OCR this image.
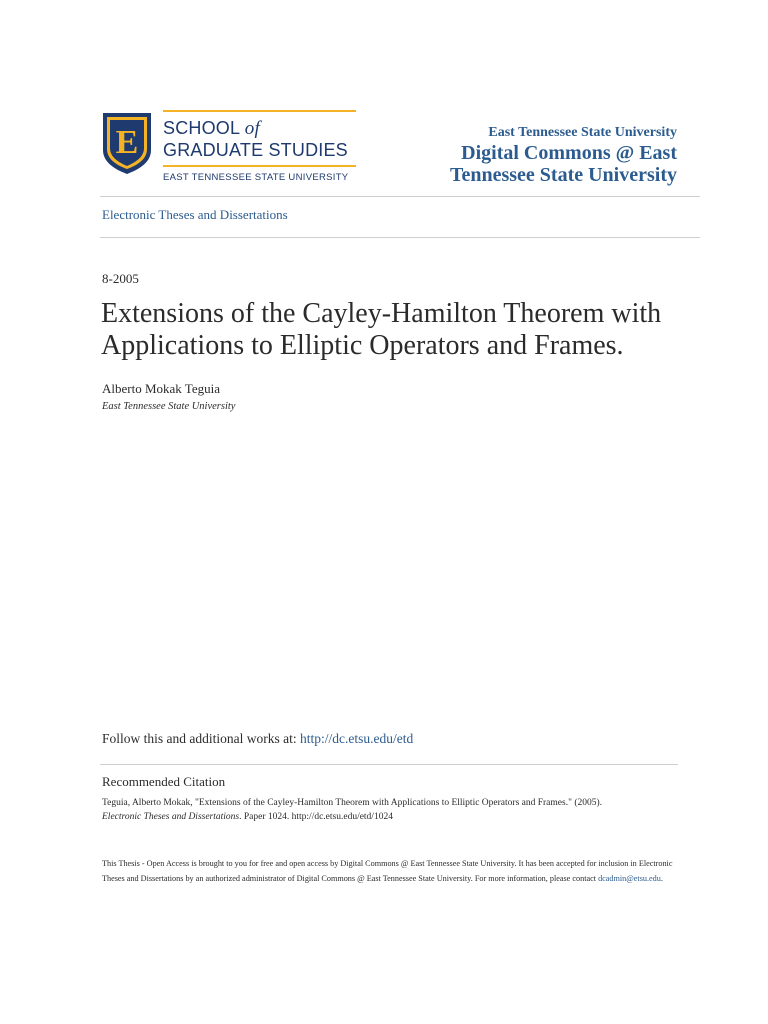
E SCHOOL of
GRADUATE STUDIES
EAST TENNESSEE STATE UNIVERSITY
East Tennessee State University
Digital Commons @ East
Tennessee State University
Electronic Theses and Dissertations
8-2005
Extensions of the Cayley-Hamilton Theorem with
Applications to Elliptic Operators and Frames.
Alberto Mokak Teguia
East Tennessee State University
Follow this and additional works at: http://dc.etsu.edu/etd
Recommended Citation
Teguia, Alberto Mokak, "Extensions of the Cayley-Hamilton Theorem with Applications to Elliptic Operators and Frames." (2005).
Electronic Theses and Dissertations. Paper 1024. http://dc.etsu.edu/etd/1024
This Thesis - Open Access is brought to you for free and open access by Digital Commons @ East Tennessee State University. It has been accepted for inclusion in Electronic Theses and Dissertations by an authorized administrator of Digital Commons @ East Tennessee State University. For more information, please contact dcadmin@etsu.edu.
